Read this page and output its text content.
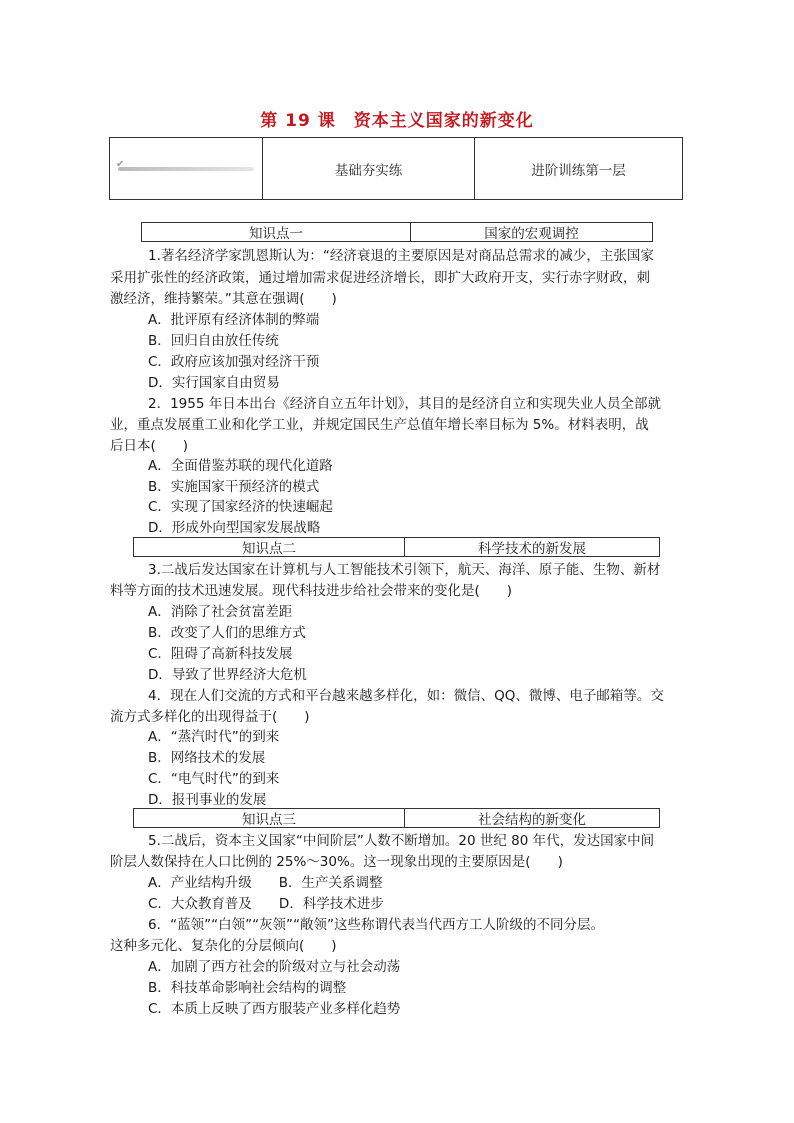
第 19 课　资本主义国家的新变化
✔	基础夯实练	进阶训练第一层
知识点一	国家的宏观调控
1.著名经济学家凯恩斯认为：“经济衰退的主要原因是对商品总需求的减少，主张国家
采用扩张性的经济政策，通过增加需求促进经济增长，即扩大政府开支，实行赤字财政，刺
激经济，维持繁荣。”其意在强调(　　)
A．批评原有经济体制的弊端
B．回归自由放任传统
C．政府应该加强对经济干预
D．实行国家自由贸易
2．1955 年日本出台《经济自立五年计划》，其目的是经济自立和实现失业人员全部就
业，重点发展重工业和化学工业，并规定国民生产总值年增长率目标为 5%。材料表明，战
后日本(　　)
A．全面借鉴苏联的现代化道路
B．实施国家干预经济的模式
C．实现了国家经济的快速崛起
D．形成外向型国家发展战略
知识点二	科学技术的新发展
3.二战后发达国家在计算机与人工智能技术引领下，航天、海洋、原子能、生物、新材
料等方面的技术迅速发展。现代科技进步给社会带来的变化是(　　)
A．消除了社会贫富差距
B．改变了人们的思维方式
C．阻碍了高新科技发展
D．导致了世界经济大危机
4．现在人们交流的方式和平台越来越多样化，如：微信、QQ、微博、电子邮箱等。交
流方式多样化的出现得益于(　　)
A．“蒸汽时代”的到来
B．网络技术的发展
C．“电气时代”的到来
D．报刊事业的发展
知识点三	社会结构的新变化
5.二战后，资本主义国家“中间阶层”人数不断增加。20 世纪 80 年代，发达国家中间
阶层人数保持在人口比例的 25%～30%。这一现象出现的主要原因是(　　)
A．产业结构升级　　B．生产关系调整
C．大众教育普及　　D．科学技术进步
6．“蓝领”“白领”“灰领”“敞领”这些称谓代表当代西方工人阶级的不同分层。
这种多元化、复杂化的分层倾向(　　)
A．加剧了西方社会的阶级对立与社会动荡
B．科技革命影响社会结构的调整
C．本质上反映了西方服装产业多样化趋势
